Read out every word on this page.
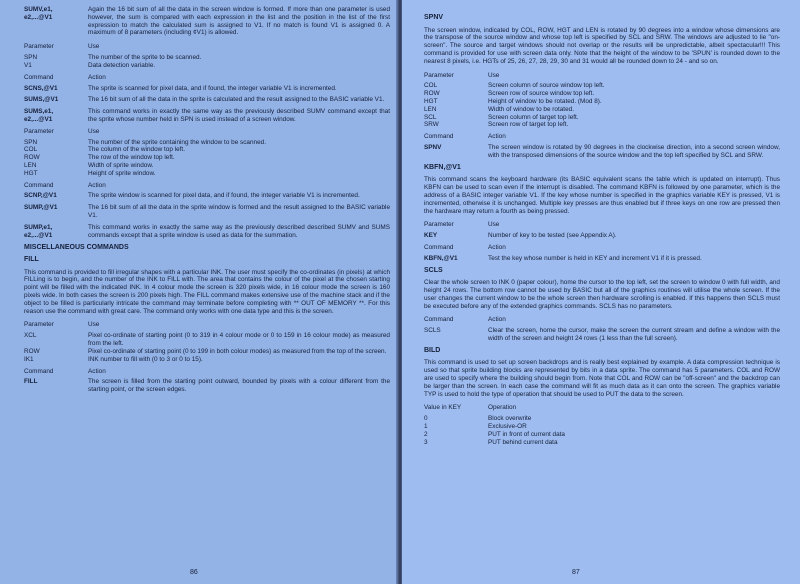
SUMV,e1,
e2,...@V1
Again the 16 bit sum of all the data in the screen window is formed. If more than one parameter is used however, the sum is compared with each expression in the list and the position in the list of the first expression to match the calculated sum is assigned to V1. If no match is found V1 is assigned 0. A maximum of 8 parameters (including ¢V1) is allowed.
Parameter	Use
SPN	The number of the sprite to be scanned.
V1	Data detection variable.
Command	Action
SCNS,@V1	The sprite is scanned for pixel data, and if found, the integer variable V1 is incremented.
SUMS,@V1	The 16 bit sum of all the data in the sprite is calculated and the result assigned to the BASIC variable V1.
SUMS,e1,
e2,...@V1
This command works in exactly the same way as the previously described SUMV command except that the sprite whose number held in SPN is used instead of a screen window.
Parameter	Use
SPN	The number of the sprite containing the window to be scanned.
COL	The column of the window top left.
ROW	The row of the window top left.
LEN	Width of sprite window.
HGT	Height of sprite window.
Command	Action
SCNP,@V1	The sprite window is scanned for pixel data, and if found, the integer variable V1 is incremented.
SUMP,@V1	The 16 bit sum of all the data in the sprite window is formed and the result assigned to the BASIC variable V1.
SUMP,e1,
e2,...@V1
This command works in exactly the same way as the previously described described SUMV and SUMS commands except that a sprite window is used as data for the summation.
MISCELLANEOUS COMMANDS
FILL
This command is provided to fill irregular shapes with a particular INK. The user must specify the co-ordinates (in pixels) at which FILLing is to begin, and the number of the INK to FILL with. The area that contains the colour of the pixel at the chosen starting point will be filled with the indicated INK. In 4 colour mode the screen is 320 pixels wide, in 16 colour mode the screen is 160 pixels wide. In both cases the screen is 200 pixels high. The FILL command makes extensive use of the machine stack and if the object to be filled is particularly intricate the command may terminate before completing with ** OUT OF MEMORY **. For this reason use the command with great care. The command only works with one data type and this is the screen.
Parameter	Use
XCL	Pixel co-ordinate of starting point (0 to 319 in 4 colour mode or 0 to 159 in 16 colour mode) as measured from the left.
ROW	Pixel co-ordinate of starting point (0 to 199 in both colour modes) as measured from the top of the screen.
IK1	INK number to fill with (0 to 3 or 0 to 15).
Command	Action
FILL	The screen is filled from the starting point outward, bounded by pixels with a colour different from the starting point, or the screen edges.
86
SPNV
The screen window, indicated by COL, ROW, HGT and LEN is rotated by 90 degrees into a window whose dimensions are the transpose of the source window and whose top left is specified by SCL and SRW. The windows are adjusted to lie "on-screen". The source and target windows should not overlap or the results will be unpredictable, albeit spectacular!!! This command is provided for use with screen data only. Note that the height of the window to be 'SPUN' is rounded down to the nearest 8 pixels, i.e. HGTs of 25, 26, 27, 28, 29, 30 and 31 would all be rounded down to 24 - and so on.
Parameter	Use
COL	Screen column of source window top left.
ROW	Screen row of source window top left.
HGT	Height of window to be rotated. (Mod 8).
LEN	Width of window to be rotated.
SCL	Screen column of target top left.
SRW	Screen row of target top left.
Command	Action
SPNV	The screen window is rotated by 90 degrees in the clockwise direction, into a second screen window, with the transposed dimensions of the source window and the top left specified by SCL and SRW.
KBFN,@V1
This command scans the keyboard hardware (its BASIC equivalent scans the table which is updated on interrupt). Thus KBFN can be used to scan even if the interrupt is disabled. The command KBFN is followed by one parameter, which is the address of a BASIC integer variable V1. If the key whose number is specified in the graphics variable KEY is pressed, V1 is incremented, otherwise it is unchanged. Multiple key presses are thus enabled but if three keys on one row are pressed then the hardware may return a fourth as being pressed.
Parameter	Use
KEY	Number of key to be tested (see Appendix A).
Command	Action
KBFN,@V1	Test the key whose number is held in KEY and increment V1 if it is pressed.
SCLS
Clear the whole screen to INK 0 (paper colour), home the cursor to the top left, set the screen to window 0 with full width, and height 24 rows. The bottom row cannot be used by BASIC but all of the graphics routines will utilise the whole screen. If the user changes the current window to be the whole screen then hardware scrolling is enabled. If this happens then SCLS must be executed before any of the extended graphics commands. SCLS has no parameters.
Command	Action
SCLS	Clear the screen, home the cursor, make the screen the current stream and define a window with the width of the screen and height 24 rows (1 less than the full screen).
BILD
This command is used to set up screen backdrops and is really best explained by example. A data compression technique is used so that sprite building blocks are represented by bits in a data sprite. The command has 5 parameters. COL and ROW are used to specify where the building should begin from. Note that COL and ROW can be "off-screen" and the backdrop can be larger than the screen. In each case the command will fit as much data as it can onto the screen. The graphics variable TYP is used to hold the type of operation that should be used to PUT the data to the screen.
Value in KEY	Operation
0	Block overwrite
1	Exclusive-OR
2	PUT in front of current data
3	PUT behind current data
87
